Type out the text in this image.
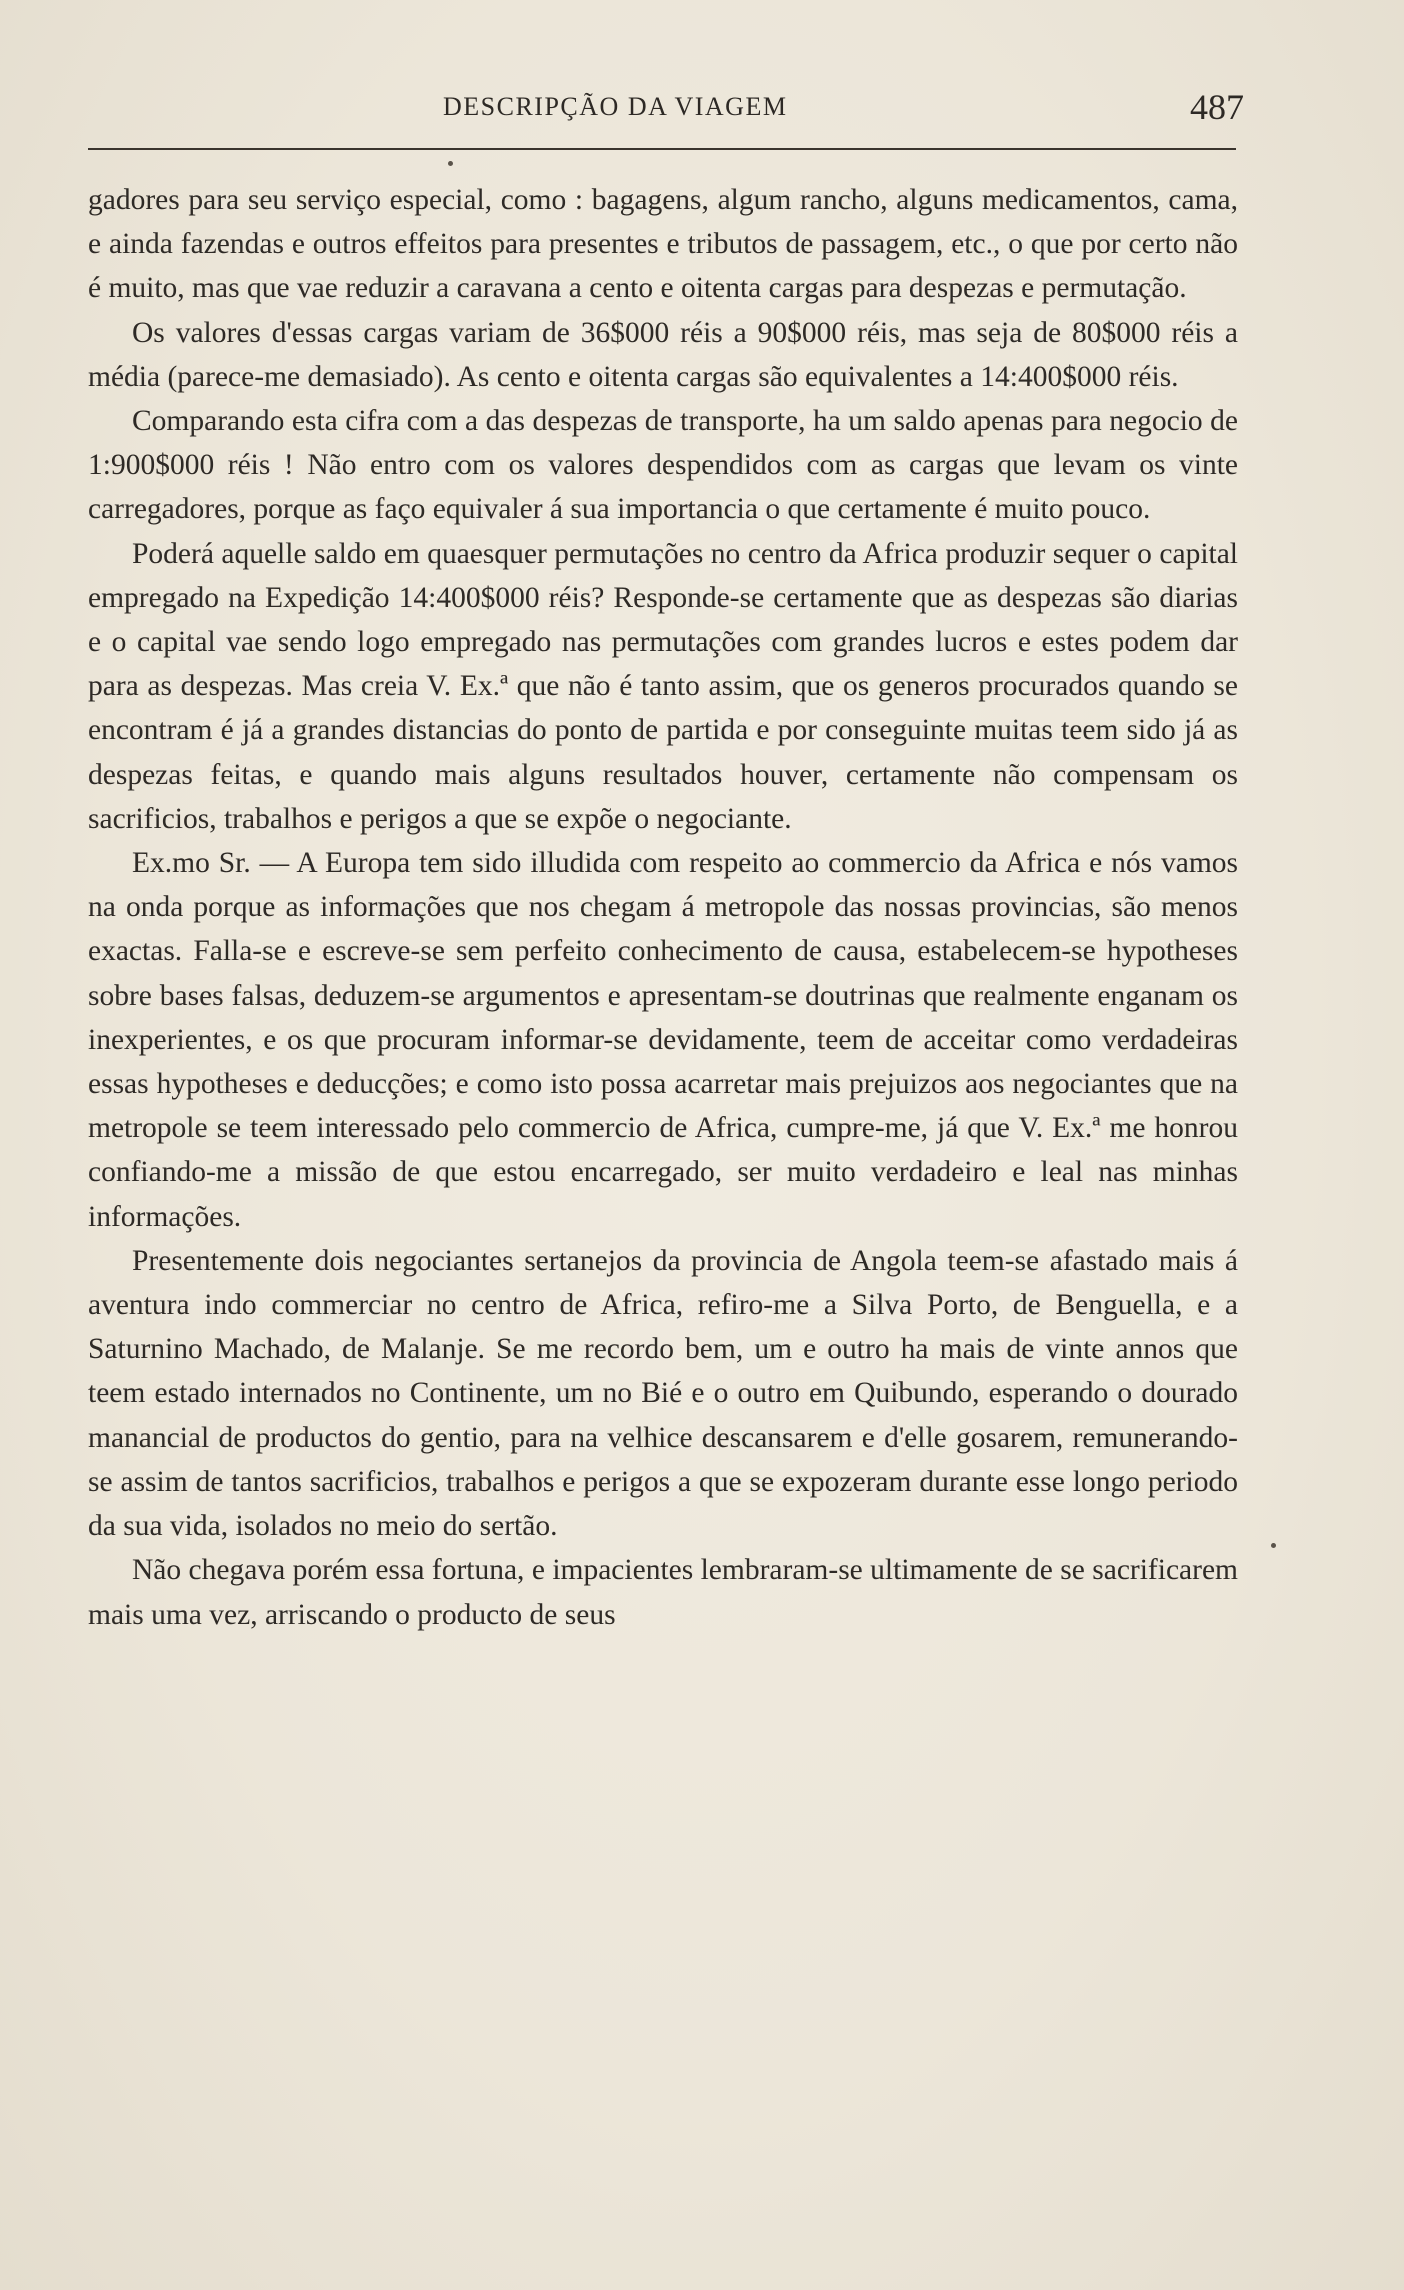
DESCRIPÇÃO DA VIAGEM	487

gadores para seu serviço especial, como : bagagens, algum rancho, alguns medicamentos, cama, e ainda fazendas e outros effeitos para presentes e tributos de passagem, etc., o que por certo não é muito, mas que vae reduzir a caravana a cento e oitenta cargas para despezas e permutação.

Os valores d'essas cargas variam de 36$000 réis a 90$000 réis, mas seja de 80$000 réis a média (parece-me demasiado). As cento e oitenta cargas são equivalentes a 14:400$000 réis.

Comparando esta cifra com a das despezas de transporte, ha um saldo apenas para negocio de 1:900$000 réis ! Não entro com os valores despendidos com as cargas que levam os vinte carregadores, porque as faço equivaler á sua importancia o que certamente é muito pouco.

Poderá aquelle saldo em quaesquer permutações no centro da Africa produzir sequer o capital empregado na Expedição 14:400$000 réis? Responde-se certamente que as despezas são diarias e o capital vae sendo logo empregado nas permutações com grandes lucros e estes podem dar para as despezas. Mas creia V. Ex.ª que não é tanto assim, que os generos procurados quando se encontram é já a grandes distancias do ponto de partida e por conseguinte muitas teem sido já as despezas feitas, e quando mais alguns resultados houver, certamente não compensam os sacrificios, trabalhos e perigos a que se expõe o negociante.

Ex.mo Sr. — A Europa tem sido illudida com respeito ao commercio da Africa e nós vamos na onda porque as informações que nos chegam á metropole das nossas provincias, são menos exactas. Falla-se e escreve-se sem perfeito conhecimento de causa, estabelecem-se hypotheses sobre bases falsas, deduzem-se argumentos e apresentam-se doutrinas que realmente enganam os inexperientes, e os que procuram informar-se devidamente, teem de acceitar como verdadeiras essas hypotheses e deducções; e como isto possa acarretar mais prejuizos aos negociantes que na metropole se teem interessado pelo commercio de Africa, cumpre-me, já que V. Ex.ª me honrou confiando-me a missão de que estou encarregado, ser muito verdadeiro e leal nas minhas informações.

Presentemente dois negociantes sertanejos da provincia de Angola teem-se afastado mais á aventura indo commerciar no centro de Africa, refiro-me a Silva Porto, de Benguella, e a Saturnino Machado, de Malanje. Se me recordo bem, um e outro ha mais de vinte annos que teem estado internados no Continente, um no Bié e o outro em Quibundo, esperando o dourado manancial de productos do gentio, para na velhice descansarem e d'elle gosarem, remunerando-se assim de tantos sacrificios, trabalhos e perigos a que se expozeram durante esse longo periodo da sua vida, isolados no meio do sertão.

Não chegava porém essa fortuna, e impacientes lembraram-se ultimamente de se sacrificarem mais uma vez, arriscando o producto de seus
